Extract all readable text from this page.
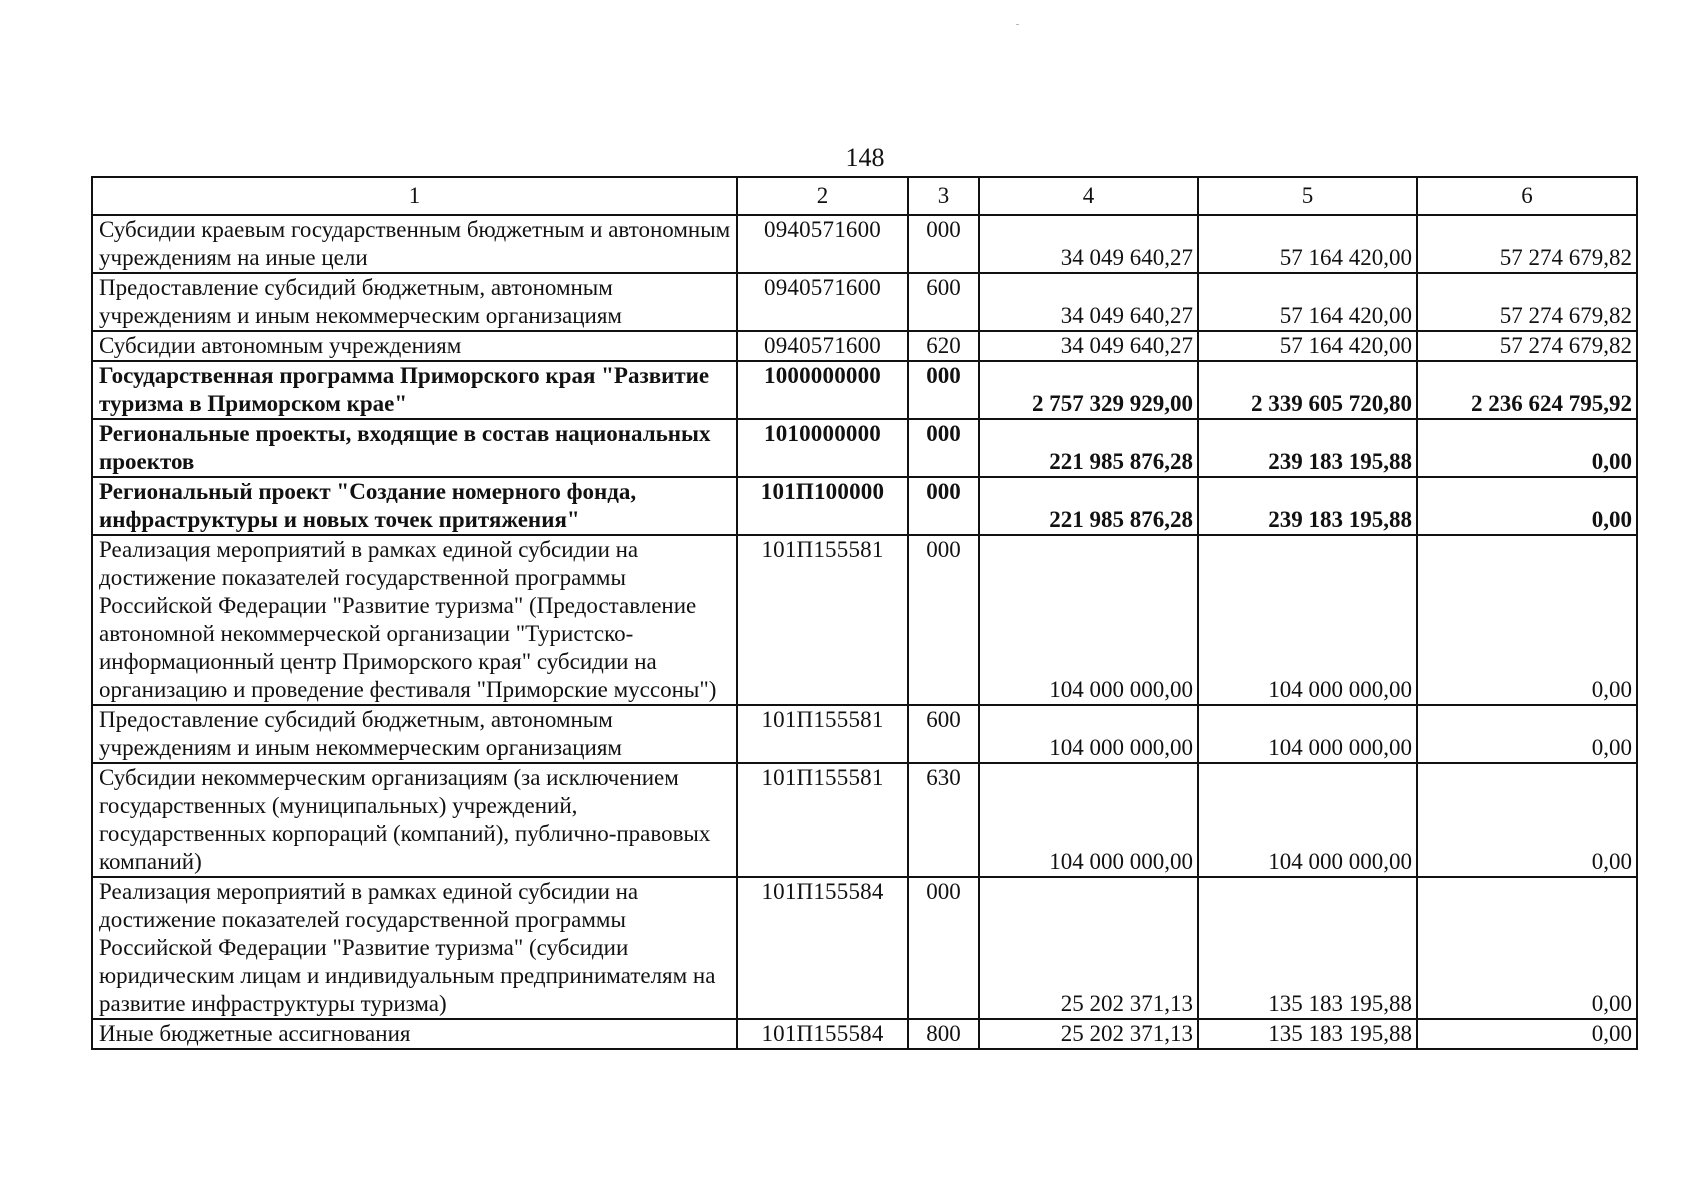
148
1	2	3	4	5	6
Субсидии краевым государственным бюджетным и автономным учреждениям на иные цели	0940571600	000	34 049 640,27	57 164 420,00	57 274 679,82
Предоставление субсидий бюджетным, автономным учреждениям и иным некоммерческим организациям	0940571600	600	34 049 640,27	57 164 420,00	57 274 679,82
Субсидии автономным учреждениям	0940571600	620	34 049 640,27	57 164 420,00	57 274 679,82
Государственная программа Приморского края "Развитие туризма в Приморском крае"	1000000000	000	2 757 329 929,00	2 339 605 720,80	2 236 624 795,92
Региональные проекты, входящие в состав национальных проектов	1010000000	000	221 985 876,28	239 183 195,88	0,00
Региональный проект "Создание номерного фонда, инфраструктуры и новых точек притяжения"	101П100000	000	221 985 876,28	239 183 195,88	0,00
Реализация мероприятий в рамках единой субсидии на достижение показателей государственной программы Российской Федерации "Развитие туризма" (Предоставление автономной некоммерческой организации "Туристско-информационный центр Приморского края" субсидии на организацию и проведение фестиваля "Приморские муссоны")	101П155581	000	104 000 000,00	104 000 000,00	0,00
Предоставление субсидий бюджетным, автономным учреждениям и иным некоммерческим организациям	101П155581	600	104 000 000,00	104 000 000,00	0,00
Субсидии некоммерческим организациям (за исключением государственных (муниципальных) учреждений, государственных корпораций (компаний), публично-правовых компаний)	101П155581	630	104 000 000,00	104 000 000,00	0,00
Реализация мероприятий в рамках единой субсидии на достижение показателей государственной программы Российской Федерации "Развитие туризма" (субсидии юридическим лицам и индивидуальным предпринимателям на развитие инфраструктуры туризма)	101П155584	000	25 202 371,13	135 183 195,88	0,00
Иные бюджетные ассигнования	101П155584	800	25 202 371,13	135 183 195,88	0,00
